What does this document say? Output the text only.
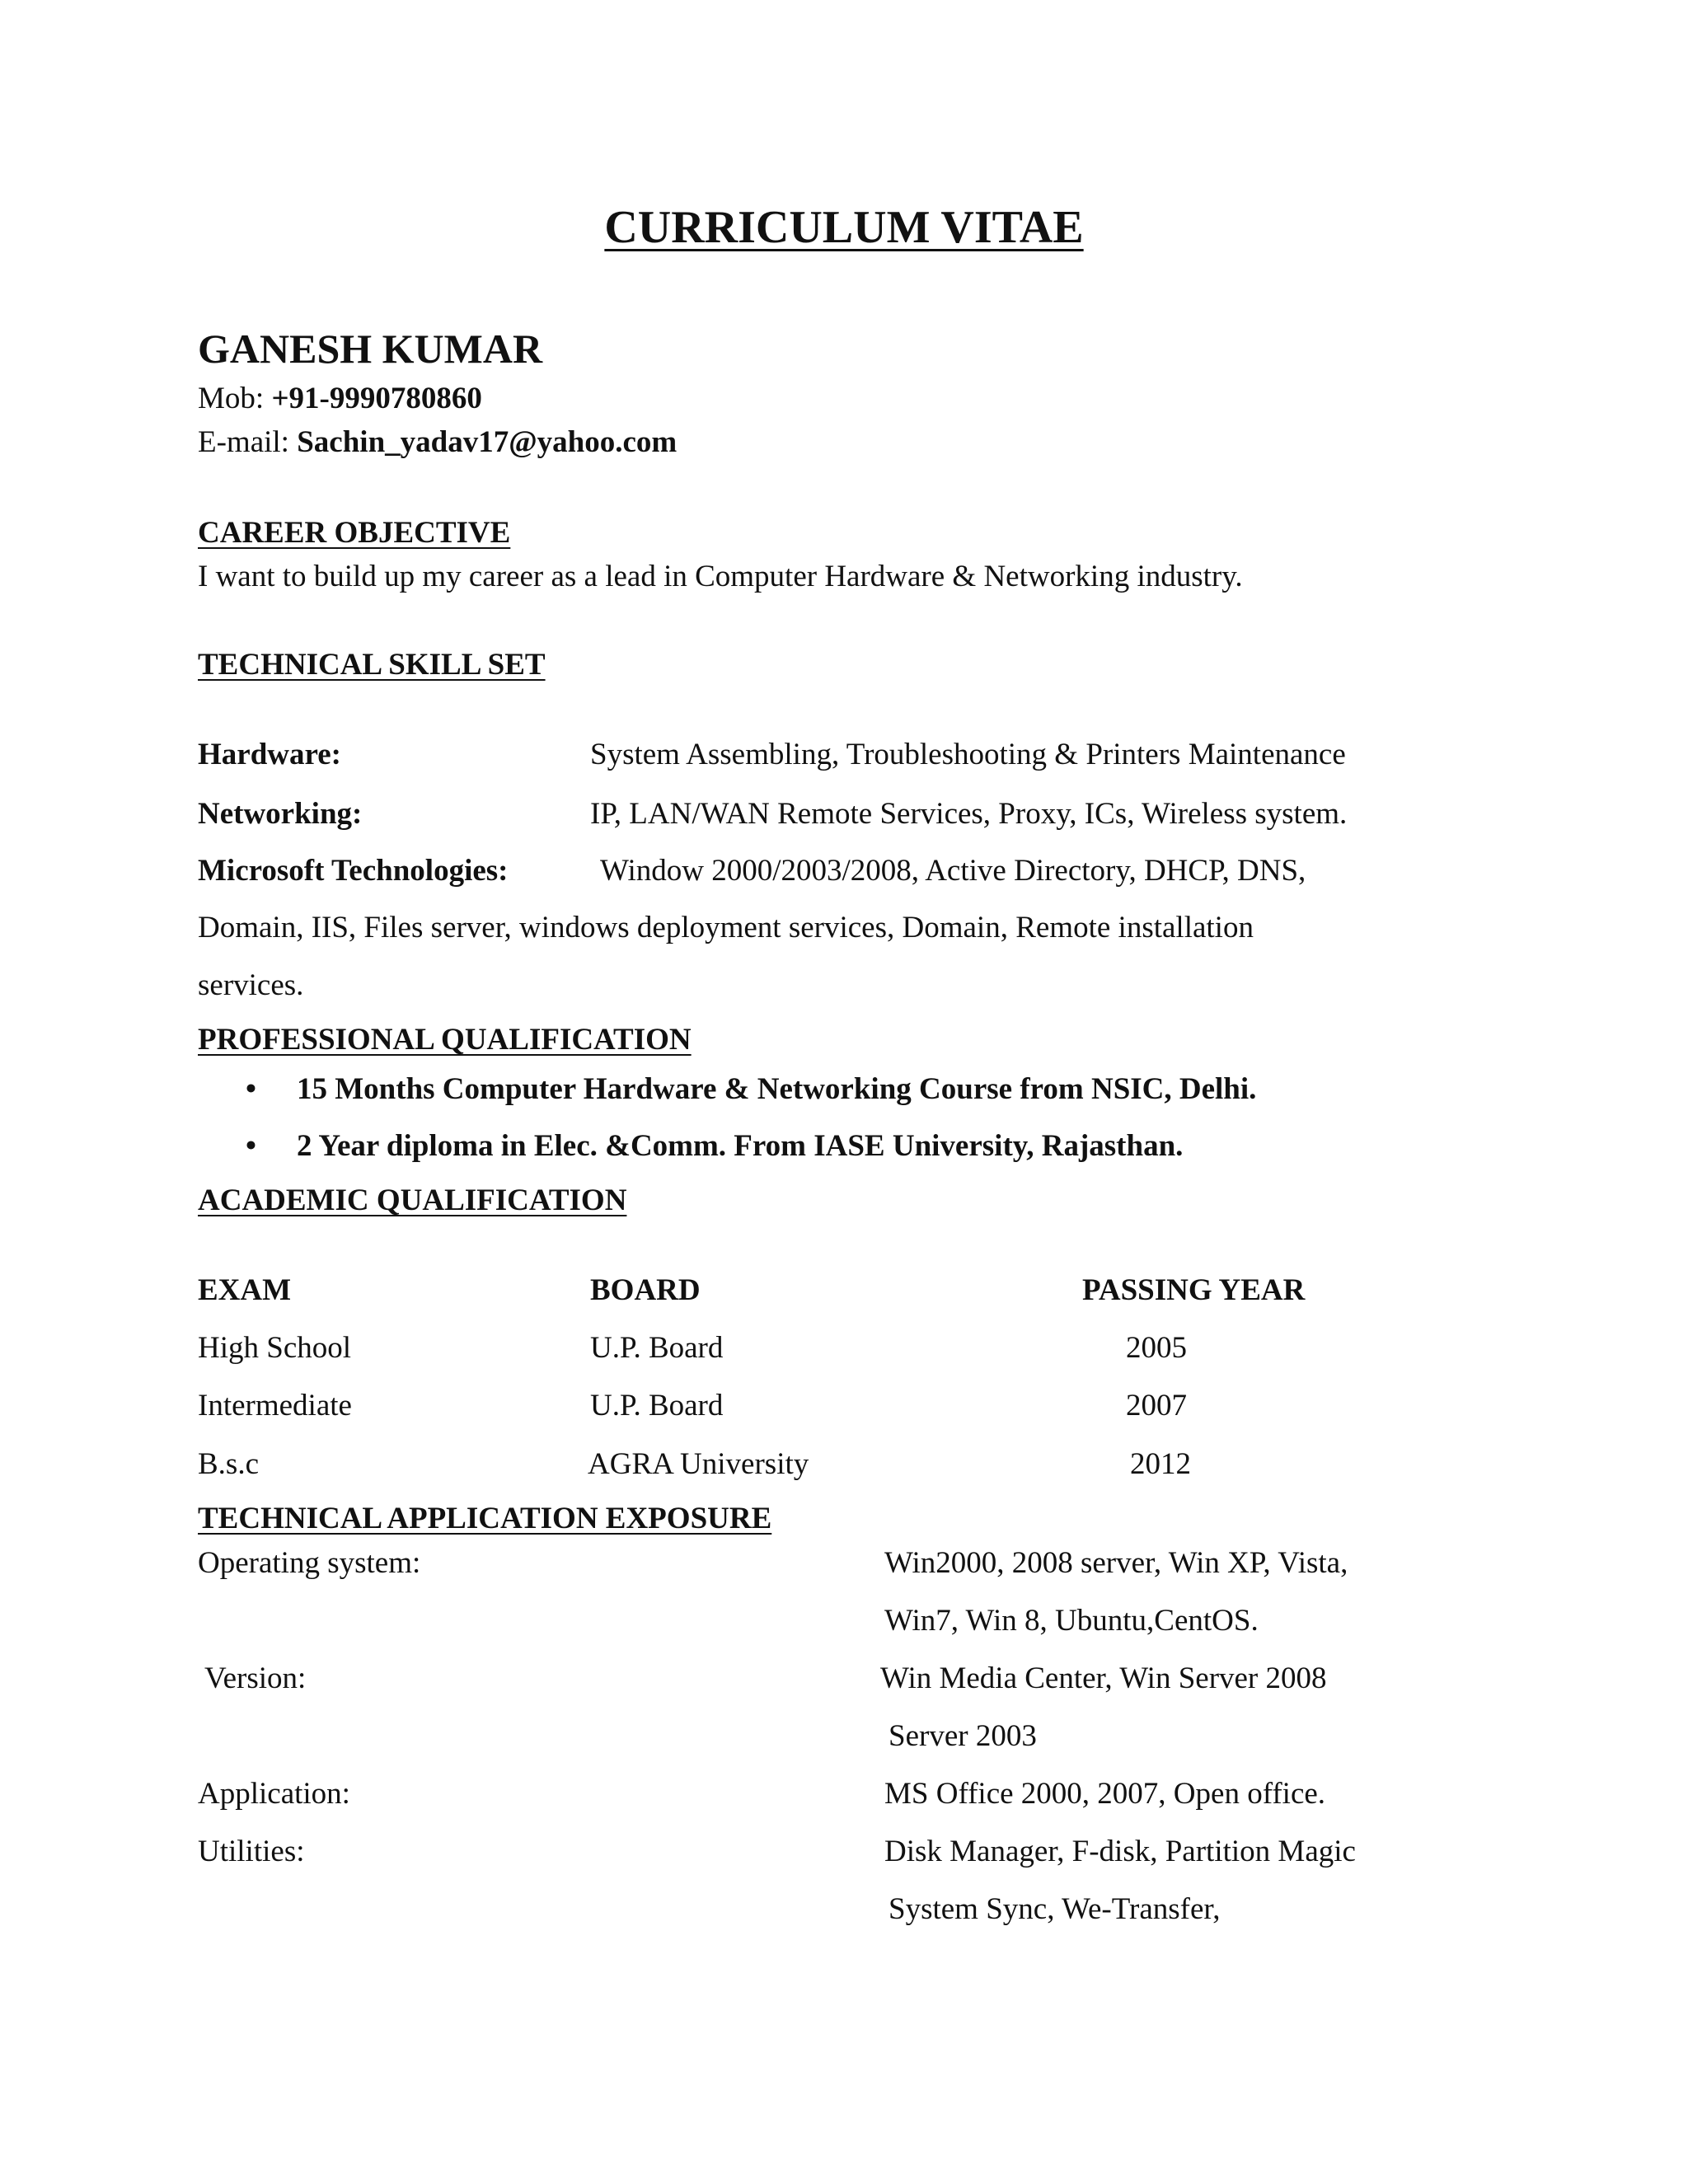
CURRICULUM VITAE
GANESH KUMAR
Mob: +91-9990780860
E-mail: Sachin_yadav17@yahoo.com
CAREER OBJECTIVE
I want to build up my career as a lead in Computer Hardware & Networking industry.
TECHNICAL SKILL SET
Hardware:	System Assembling, Troubleshooting & Printers Maintenance
Networking:	IP, LAN/WAN Remote Services, Proxy, ICs, Wireless system.
Microsoft Technologies:	Window 2000/2003/2008, Active Directory, DHCP, DNS,
Domain, IIS, Files server, windows deployment services, Domain, Remote installation
services.
PROFESSIONAL QUALIFICATION
• 15 Months Computer Hardware & Networking Course from NSIC, Delhi.
• 2 Year diploma in Elec. &Comm. From IASE University, Rajasthan.
ACADEMIC QUALIFICATION
EXAM	BOARD	PASSING YEAR
High School	U.P. Board	2005
Intermediate	U.P. Board	2007
B.s.c	AGRA University	2012
TECHNICAL APPLICATION EXPOSURE
Operating system:	Win2000, 2008 server, Win XP, Vista,
Win7, Win 8, Ubuntu,CentOS.
Version:	Win Media Center, Win Server 2008
Server 2003
Application:	MS Office 2000, 2007, Open office.
Utilities:	Disk Manager, F-disk, Partition Magic
System Sync, We-Transfer,
